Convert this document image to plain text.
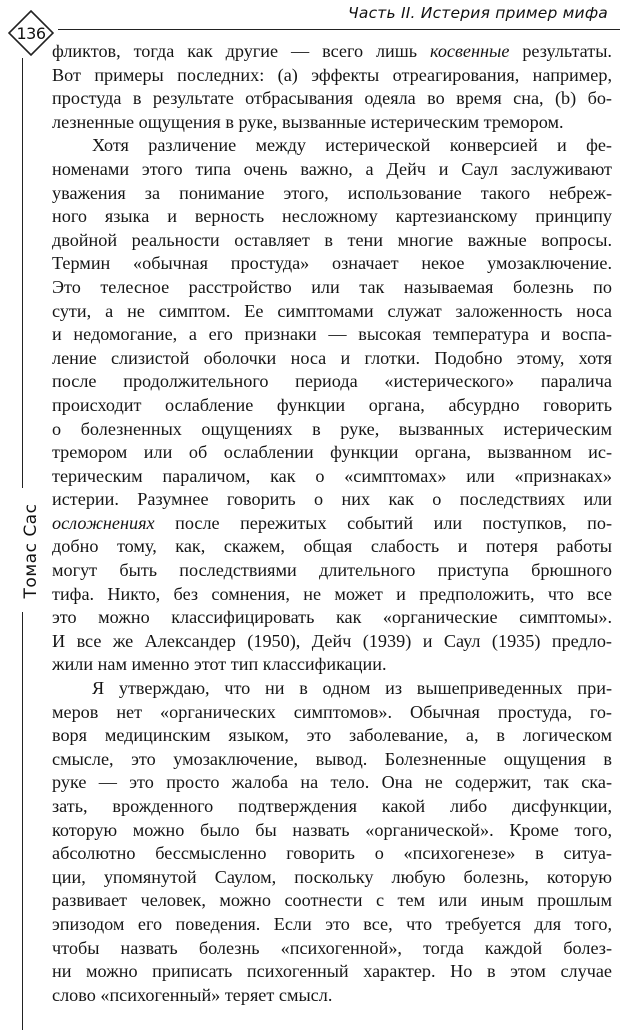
136
Часть II. Истерия пример мифа
Томас Сас
фликтов, тогда как другие — всего лишь косвенные результаты.
Вот примеры последних: (а) эффекты отреагирования, например,
простуда в результате отбрасывания одеяла во время сна, (b) бо-
лезненные ощущения в руке, вызванные истерическим тремором.
Хотя различение между истерической конверсией и фе-
номенами этого типа очень важно, а Дейч и Саул заслуживают
уважения за понимание этого, использование такого небреж-
ного языка и верность несложному картезианскому принципу
двойной реальности оставляет в тени многие важные вопросы.
Термин «обычная простуда» означает некое умозаключение.
Это телесное расстройство или так называемая болезнь по
сути, а не симптом. Ее симптомами служат заложенность носа
и недомогание, а его признаки — высокая температура и воспа-
ление слизистой оболочки носа и глотки. Подобно этому, хотя
после продолжительного периода «истерического» паралича
происходит ослабление функции органа, абсурдно говорить
о болезненных ощущениях в руке, вызванных истерическим
тремором или об ослаблении функции органа, вызванном ис-
терическим параличом, как о «симптомах» или «признаках»
истерии. Разумнее говорить о них как о последствиях или
осложнениях после пережитых событий или поступков, по-
добно тому, как, скажем, общая слабость и потеря работы
могут быть последствиями длительного приступа брюшного
тифа. Никто, без сомнения, не может и предположить, что все
это можно классифицировать как «органические симптомы».
И все же Александер (1950), Дейч (1939) и Саул (1935) предло-
жили нам именно этот тип классификации.
Я утверждаю, что ни в одном из вышеприведенных при-
меров нет «органических симптомов». Обычная простуда, го-
воря медицинским языком, это заболевание, а, в логическом
смысле, это умозаключение, вывод. Болезненные ощущения в
руке — это просто жалоба на тело. Она не содержит, так ска-
зать, врожденного подтверждения какой либо дисфункции,
которую можно было бы назвать «органической». Кроме того,
абсолютно бессмысленно говорить о «психогенезе» в ситуа-
ции, упомянутой Саулом, поскольку любую болезнь, которую
развивает человек, можно соотнести с тем или иным прошлым
эпизодом его поведения. Если это все, что требуется для того,
чтобы назвать болезнь «психогенной», тогда каждой болез-
ни можно приписать психогенный характер. Но в этом случае
слово «психогенный» теряет смысл.
